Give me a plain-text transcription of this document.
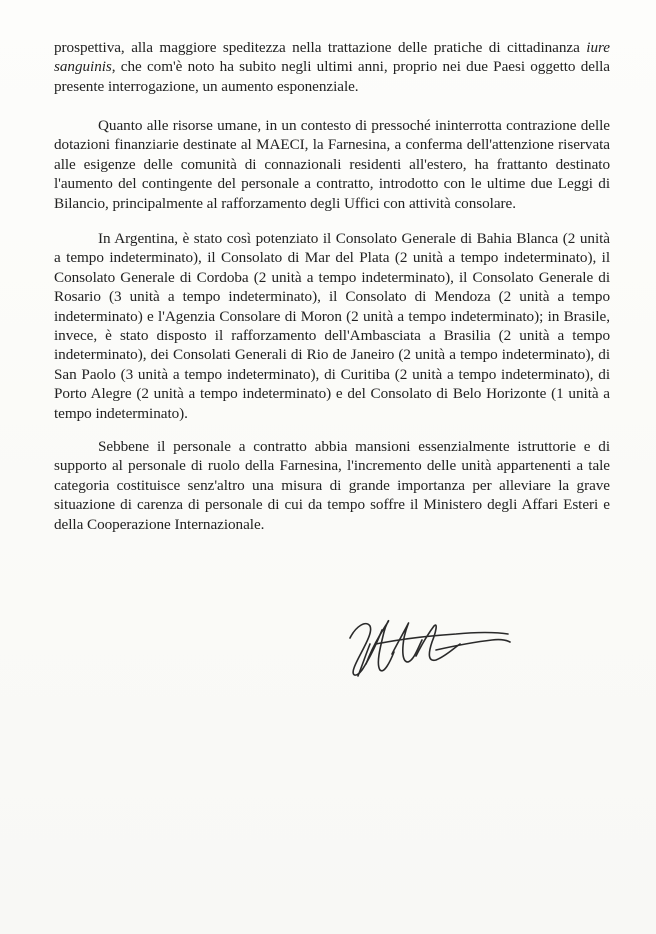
prospettiva, alla maggiore speditezza nella trattazione delle pratiche di cittadinanza iure sanguinis, che com'è noto ha subito negli ultimi anni, proprio nei due Paesi oggetto della presente interrogazione, un aumento esponenziale.

Quanto alle risorse umane, in un contesto di pressoché ininterrotta contrazione delle dotazioni finanziarie destinate al MAECI, la Farnesina, a conferma dell'attenzione riservata alle esigenze delle comunità di connazionali residenti all'estero, ha frattanto destinato l'aumento del contingente del personale a contratto, introdotto con le ultime due Leggi di Bilancio, principalmente al rafforzamento degli Uffici con attività consolare.

In Argentina, è stato così potenziato il Consolato Generale di Bahia Blanca (2 unità a tempo indeterminato), il Consolato di Mar del Plata (2 unità a tempo indeterminato), il Consolato Generale di Cordoba (2 unità a tempo indeterminato), il Consolato Generale di Rosario (3 unità a tempo indeterminato), il Consolato di Mendoza (2 unità a tempo indeterminato) e l'Agenzia Consolare di Moron (2 unità a tempo indeterminato); in Brasile, invece, è stato disposto il rafforzamento dell'Ambasciata a Brasilia (2 unità a tempo indeterminato), dei Consolati Generali di Rio de Janeiro (2 unità a tempo indeterminato), di San Paolo (3 unità a tempo indeterminato), di Curitiba (2 unità a tempo indeterminato), di Porto Alegre (2 unità a tempo indeterminato) e del Consolato di Belo Horizonte (1 unità a tempo indeterminato).

Sebbene il personale a contratto abbia mansioni essenzialmente istruttorie e di supporto al personale di ruolo della Farnesina, l'incremento delle unità appartenenti a tale categoria costituisce senz'altro una misura di grande importanza per alleviare la grave situazione di carenza di personale di cui da tempo soffre il Ministero degli Affari Esteri e della Cooperazione Internazionale.
